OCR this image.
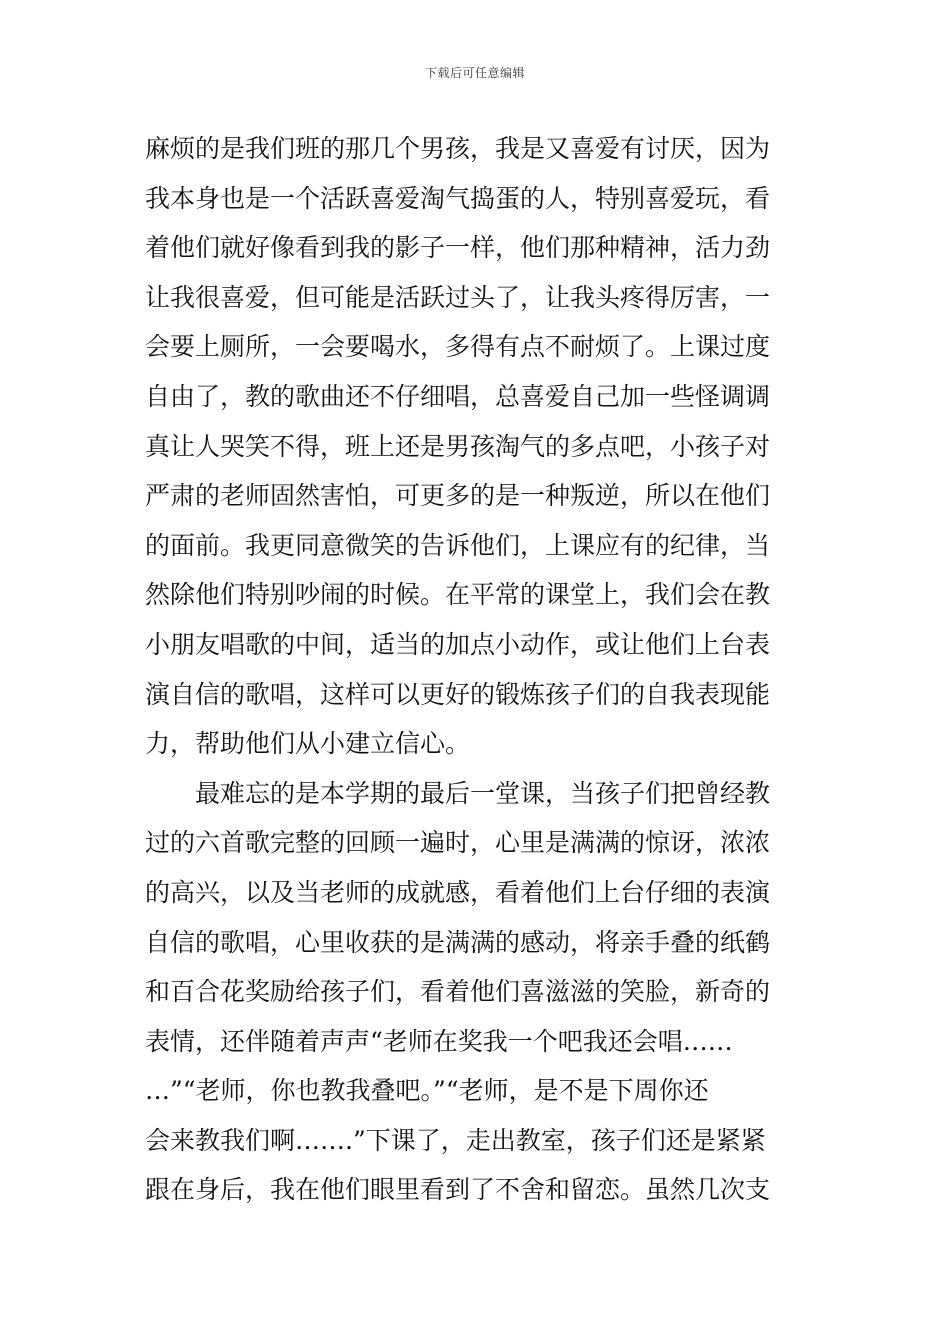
下载后可任意编辑
麻烦的是我们班的那几个男孩，我是又喜爱有讨厌，因为
我本身也是一个活跃喜爱淘气捣蛋的人，特别喜爱玩，看
着他们就好像看到我的影子一样，他们那种精神，活力劲
让我很喜爱，但可能是活跃过头了，让我头疼得厉害，一
会要上厕所，一会要喝水，多得有点不耐烦了。上课过度
自由了，教的歌曲还不仔细唱，总喜爱自己加一些怪调调
真让人哭笑不得，班上还是男孩淘气的多点吧，小孩子对
严肃的老师固然害怕，可更多的是一种叛逆，所以在他们
的面前。我更同意微笑的告诉他们，上课应有的纪律，当
然除他们特别吵闹的时候。在平常的课堂上，我们会在教
小朋友唱歌的中间，适当的加点小动作，或让他们上台表
演自信的歌唱，这样可以更好的锻炼孩子们的自我表现能
力，帮助他们从小建立信心。
最难忘的是本学期的最后一堂课，当孩子们把曾经教
过的六首歌完整的回顾一遍时，心里是满满的惊讶，浓浓
的高兴，以及当老师的成就感，看着他们上台仔细的表演
自信的歌唱，心里收获的是满满的感动，将亲手叠的纸鹤
和百合花奖励给孩子们，看着他们喜滋滋的笑脸，新奇的
表情，还伴随着声声“老师在奖我一个吧我还会唱……
…”“老师，你也教我叠吧。”“老师，是不是下周你还
会来教我们啊…….”下课了，走出教室，孩子们还是紧紧
跟在身后，我在他们眼里看到了不舍和留恋。虽然几次支
